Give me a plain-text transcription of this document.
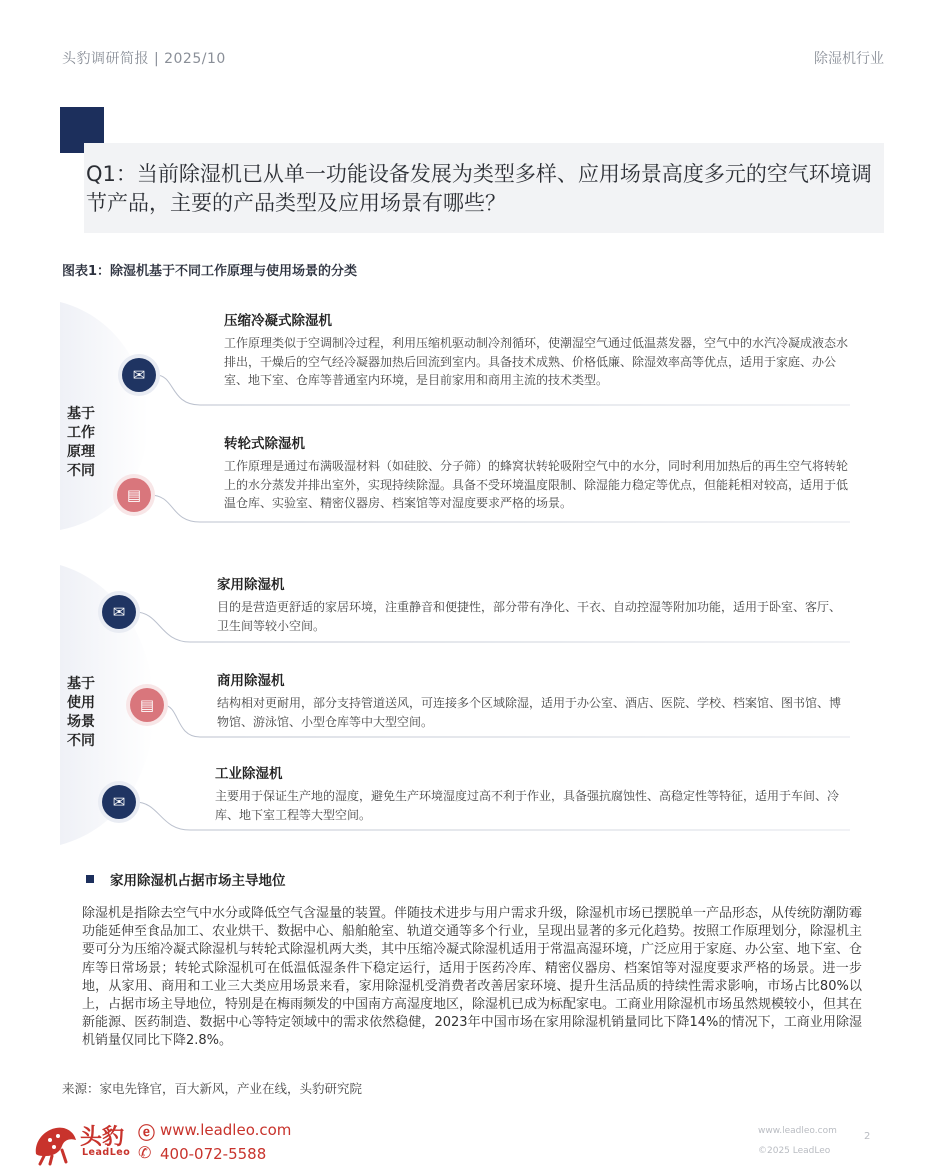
头豹调研简报 | 2025/10	除湿机行业
Q1：当前除湿机已从单一功能设备发展为类型多样、应用场景高度多元的空气环境调节产品，主要的产品类型及应用场景有哪些？
图表1：除湿机基于不同工作原理与使用场景的分类
基于
工作
原理
不同
基于
使用
场景
不同
✉
▤
✉
▤
✉
压缩冷凝式除湿机
工作原理类似于空调制冷过程，利用压缩机驱动制冷剂循环，使潮湿空气通过低温蒸发器，空气中的水汽冷凝成液态水排出，干燥后的空气经冷凝器加热后回流到室内。具备技术成熟、价格低廉、除湿效率高等优点，适用于家庭、办公室、地下室、仓库等普通室内环境，是目前家用和商用主流的技术类型。
转轮式除湿机
工作原理是通过布满吸湿材料（如硅胶、分子筛）的蜂窝状转轮吸附空气中的水分，同时利用加热后的再生空气将转轮上的水分蒸发并排出室外，实现持续除湿。具备不受环境温度限制、除湿能力稳定等优点，但能耗相对较高，适用于低温仓库、实验室、精密仪器房、档案馆等对湿度要求严格的场景。
家用除湿机
目的是营造更舒适的家居环境，注重静音和便捷性，部分带有净化、干衣、自动控湿等附加功能，适用于卧室、客厅、卫生间等较小空间。
商用除湿机
结构相对更耐用，部分支持管道送风，可连接多个区域除湿，适用于办公室、酒店、医院、学校、档案馆、图书馆、博物馆、游泳馆、小型仓库等中大型空间。
工业除湿机
主要用于保证生产地的湿度，避免生产环境湿度过高不利于作业，具备强抗腐蚀性、高稳定性等特征，适用于车间、冷库、地下室工程等大型空间。
家用除湿机占据市场主导地位
除湿机是指除去空气中水分或降低空气含湿量的装置。伴随技术进步与用户需求升级，除湿机市场已摆脱单一产品形态，从传统防潮防霉功能延伸至食品加工、农业烘干、数据中心、船舶舱室、轨道交通等多个行业，呈现出显著的多元化趋势。按照工作原理划分，除湿机主要可分为压缩冷凝式除湿机与转轮式除湿机两大类，其中压缩冷凝式除湿机适用于常温高湿环境，广泛应用于家庭、办公室、地下室、仓库等日常场景；转轮式除湿机可在低温低湿条件下稳定运行，适用于医药冷库、精密仪器房、档案馆等对湿度要求严格的场景。进一步地，从家用、商用和工业三大类应用场景来看，家用除湿机受消费者改善居家环境、提升生活品质的持续性需求影响，市场占比80%以上，占据市场主导地位，特别是在梅雨频发的中国南方高湿度地区，除湿机已成为标配家电。工商业用除湿机市场虽然规模较小，但其在新能源、医药制造、数据中心等特定领域中的需求依然稳健，2023年中国市场在家用除湿机销量同比下降14%的情况下，工商业用除湿机销量仅同比下降2.8%。
来源：家电先锋官，百大新风，产业在线，头豹研究院
头豹
LeadLeo
ⓔ www.leadleo.com
✆ 400-072-5588
www.leadleo.com
©2025 LeadLeo
2
